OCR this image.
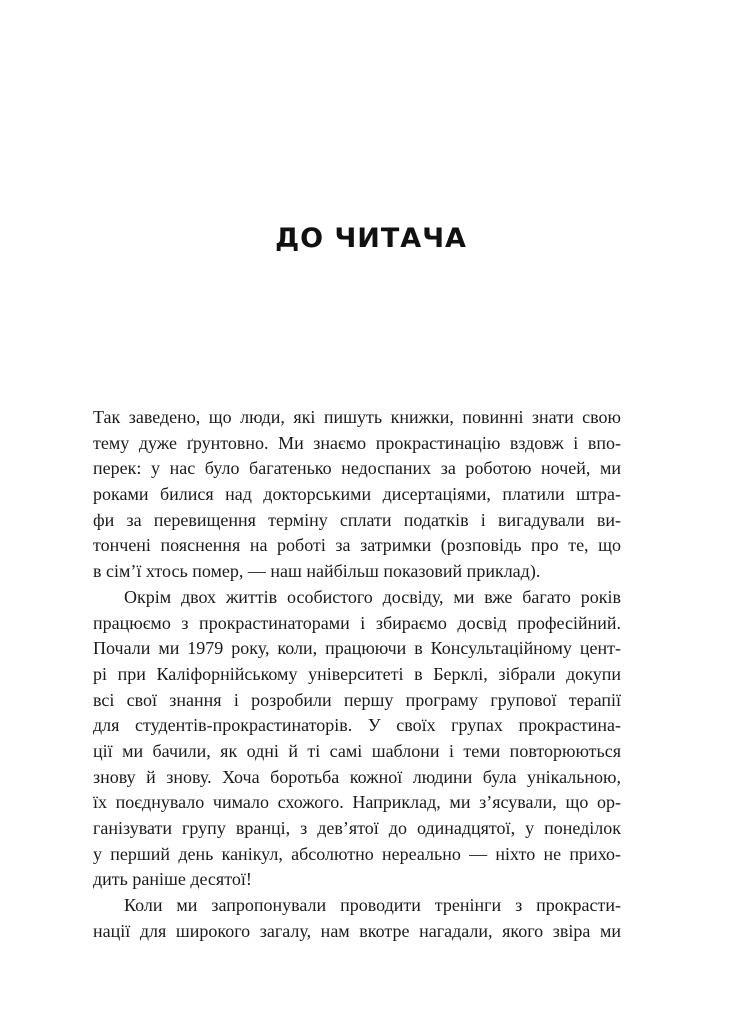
ДО ЧИТАЧА
Так заведено, що люди, які пишуть книжки, повинні знати свою
тему дуже ґрунтовно. Ми знаємо прокрастинацію вздовж і впо-
перек: у нас було багатенько недоспаних за роботою ночей, ми
роками билися над докторськими дисертаціями, платили штра-
фи за перевищення терміну сплати податків і вигадували ви-
тончені пояснення на роботі за затримки (розповідь про те, що
в сім’ї хтось помер, — наш найбільш показовий приклад).
Окрім двох життів особистого досвіду, ми вже багато років
працюємо з прокрастинаторами і збираємо досвід професійний.
Почали ми 1979 року, коли, працюючи в Консультаційному цент-
рі при Каліфорнійському університеті в Берклі, зібрали докупи
всі свої знання і розробили першу програму групової терапії
для студентів-прокрастинаторів. У своїх групах прокрастина-
ції ми бачили, як одні й ті самі шаблони і теми повторюються
знову й знову. Хоча боротьба кожної людини була унікальною,
їх поєднувало чимало схожого. Наприклад, ми з’ясували, що ор-
ганізувати групу вранці, з дев’ятої до одинадцятої, у понеділок
у перший день канікул, абсолютно нереально — ніхто не прихо-
дить раніше десятої!
Коли ми запропонували проводити тренінги з прокрасти-
нації для широкого загалу, нам вкотре нагадали, якого звіра ми
